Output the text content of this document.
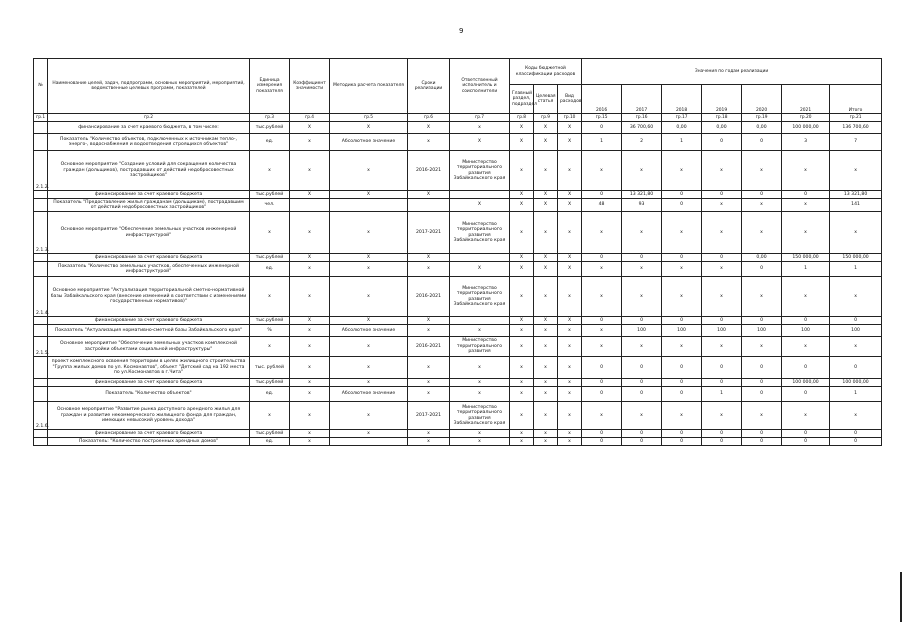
9
№	Наименование целей, задач, подпрограмм, основных мероприятий, мероприятий, ведомственные целевых программ, показателей	Единица измерения показателя	Коэффициент значимости	Методика расчета показателя	Сроки реализации	Ответственный исполнитель и соисполнители	Коды бюджетной классификации расходов			Значения по годам реализации						
							Главный раздел, подраздел	Целевая статья	Вид расходов	2016	2017	2018	2019	2020	2021	Итого
гр.1	гр.2	гр.3	гр.4	гр.5	гр.6	гр.7	гр.8	гр.9	гр.10	гр.15	гр.16	гр.17	гр.18	гр.19	гр.20	гр.21
	финансирование за счет краевого бюджета, в том числе:	тыс.рублей	Х	Х	Х	х	Х	Х	Х	0	36 700,60	0,00	0,00	0,00	100 000,00	136 700,60
	Показатель "Количество объектов, подключенных к источникам тепло-, энерго-, водоснабжения и водоотведения строящихся объектов"	ед.	х	Абсолютное значение	х	Х	Х	Х	Х	1	2	1	0	0	3	7
2.1.2.	Основное мероприятие "Создание условий для сокращения количества граждан (дольщиков), пострадавших от действий недобросовестных застройщиков"	х	х	х	2016-2021	Министерство территориального развития Забайкальского края	х	х	х	х	х	х	х	х	х	х
	финансирование за счет краевого бюджета	тыс.рублей	Х	Х	Х		Х	Х	Х	0	13 321,80	0	0	0	0	13 321,80
	Показатель "Предоставление жилья гражданам (дольщикам), пострадавшим от действий недобросовестных застройщиков"	чел.				Х	Х	Х	Х	48	93	0	х	х	х	141
2.1.3.	Основное мероприятие "Обеспечение земельных участков инженерной инфраструктурой"	х	х	х	2017-2021	Министерство территориального развития Забайкальского края	х	х	х	х	х	х	х	х	х	х
	финансирование за счет краевого бюджета	тыс.рублей	Х	Х	Х		Х	Х	Х	0	0	0	0	0,00	150 000,00	150 000,00
	Показатель "Количество земельных участков, обеспеченных инженерной инфраструктурой"	ед.	х	х	х	Х	Х	Х	Х	х	х	х	х	0	1	1
2.1.4.	Основное мероприятие "Актуализация территориальной сметно-нормативной базы Забайкальского края (внесение изменений в соответствии с изменениями государственных нормативов)"	х	х	х	2016-2021	Министерство территориального развития Забайкальского края	х	х	х	х	х	х	х	х	х	х
	финансирование за счет краевого бюджета	тыс.рублей	Х	Х	Х		Х	Х	Х	0	0	0	0	0	0	0
	Показатель "Актуализация нормативно-сметной базы Забайкальского края"	%	х	Абсолютное значение	х	х	х	х	х	х	100	100	100	100	100	100
2.1.5.	Основное мероприятие "Обеспечение земельных участков комплексной застройки объектами социальной инфраструктуры"	х	х	х	2016-2021	Министерство территориального развития	х	х	х	х	х	х	х	х	х	х
	проект комплексного освоения территории в целях жилищного строительства "Группа жилых домов по ул. Космонавтов", объект "Детский сад на 192 места по ул.Космонавтов в г.Чита"	тыс. рублей	х	х	х	х	х	х	х	0	0	0	0	0	0	0
	финансирование за счет краевого бюджета	тыс.рублей	х	х	х	х	х	х	х	0	0	0	0	0	100 000,00	100 000,00
	Показатель "Количество объектов"	ед.	х	Абсолютное значение	х	х	х	х	х	0	0	0	1	0	0	1
2.1.6.	Основное мероприятие "Развитие рынка доступного арендного жилья для граждан и развитие некоммерческого жилищного фонда для граждан, имеющих невысокий уровень дохода"	х	х	х	2017-2021	Министерство территориального развития Забайкальского края	х	х	х	х	х	х	х	х	х	х
	финансирование за счет краевого бюджета	тыс.рублей	х	х	х	х	х	х	х	0	0	0	0	0	0	0
	Показатель: "Количество построенных арендных домов"	ед.	х		х	х	х	х	х	0	0	0	0	0	0	0
